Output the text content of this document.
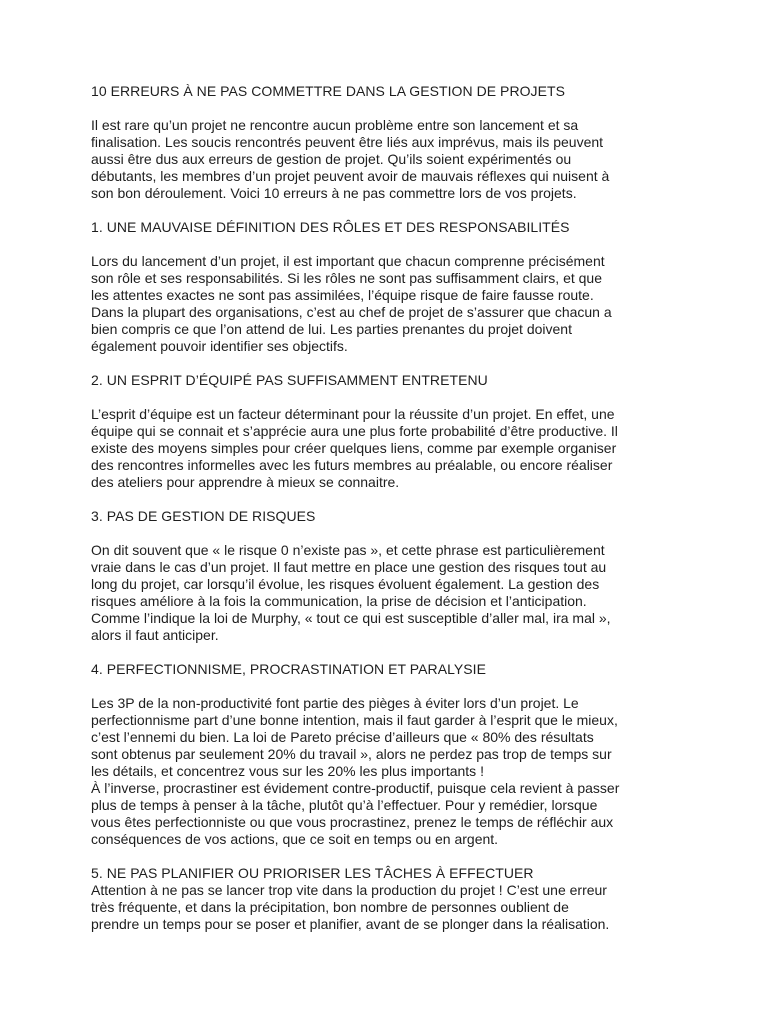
10 ERREURS À NE PAS COMMETTRE DANS LA GESTION DE PROJETS

Il est rare qu’un projet ne rencontre aucun problème entre son lancement et sa
finalisation. Les soucis rencontrés peuvent être liés aux imprévus, mais ils peuvent
aussi être dus aux erreurs de gestion de projet. Qu’ils soient expérimentés ou
débutants, les membres d’un projet peuvent avoir de mauvais réflexes qui nuisent à
son bon déroulement. Voici 10 erreurs à ne pas commettre lors de vos projets.

1. UNE MAUVAISE DÉFINITION DES RÔLES ET DES RESPONSABILITÉS

Lors du lancement d’un projet, il est important que chacun comprenne précisément
son rôle et ses responsabilités. Si les rôles ne sont pas suffisamment clairs, et que
les attentes exactes ne sont pas assimilées, l’équipe risque de faire fausse route.
Dans la plupart des organisations, c’est au chef de projet de s’assurer que chacun a
bien compris ce que l’on attend de lui. Les parties prenantes du projet doivent
également pouvoir identifier ses objectifs.

2. UN ESPRIT D’ÉQUIPÉ PAS SUFFISAMMENT ENTRETENU

L’esprit d’équipe est un facteur déterminant pour la réussite d’un projet. En effet, une
équipe qui se connait et s’apprécie aura une plus forte probabilité d’être productive. Il
existe des moyens simples pour créer quelques liens, comme par exemple organiser
des rencontres informelles avec les futurs membres au préalable, ou encore réaliser
des ateliers pour apprendre à mieux se connaitre.

3. PAS DE GESTION DE RISQUES

On dit souvent que « le risque 0 n’existe pas », et cette phrase est particulièrement
vraie dans le cas d’un projet. Il faut mettre en place une gestion des risques tout au
long du projet, car lorsqu’il évolue, les risques évoluent également. La gestion des
risques améliore à la fois la communication, la prise de décision et l’anticipation.
Comme l’indique la loi de Murphy, « tout ce qui est susceptible d’aller mal, ira mal »,
alors il faut anticiper.

4. PERFECTIONNISME, PROCRASTINATION ET PARALYSIE

Les 3P de la non-productivité font partie des pièges à éviter lors d’un projet. Le
perfectionnisme part d’une bonne intention, mais il faut garder à l’esprit que le mieux,
c’est l’ennemi du bien. La loi de Pareto précise d’ailleurs que « 80% des résultats
sont obtenus par seulement 20% du travail », alors ne perdez pas trop de temps sur
les détails, et concentrez vous sur les 20% les plus importants !
À l’inverse, procrastiner est évidement contre-productif, puisque cela revient à passer
plus de temps à penser à la tâche, plutôt qu’à l’effectuer. Pour y remédier, lorsque
vous êtes perfectionniste ou que vous procrastinez, prenez le temps de réfléchir aux
conséquences de vos actions, que ce soit en temps ou en argent.

5. NE PAS PLANIFIER OU PRIORISER LES TÂCHES À EFFECTUER

Attention à ne pas se lancer trop vite dans la production du projet ! C’est une erreur
très fréquente, et dans la précipitation, bon nombre de personnes oublient de
prendre un temps pour se poser et planifier, avant de se plonger dans la réalisation.
